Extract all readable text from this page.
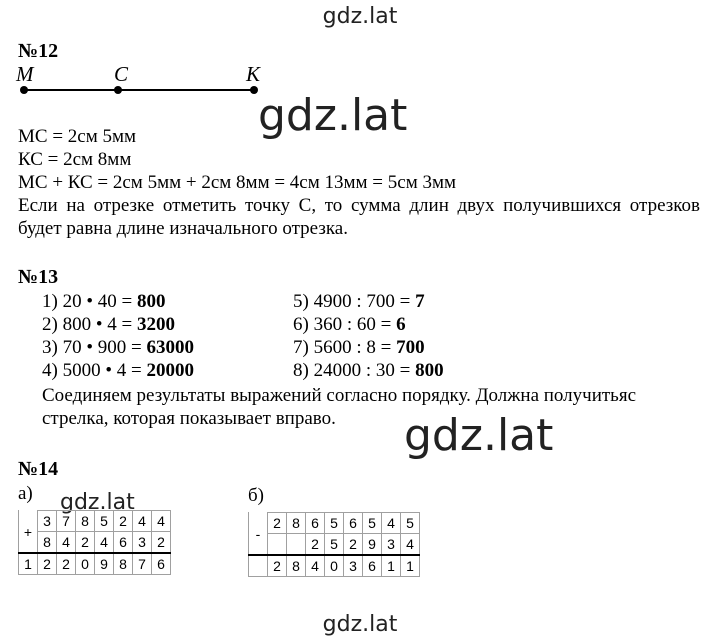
gdz.lat
gdz.lat
gdz.lat
gdz.lat
gdz.lat
№12
M	C	K
МС = 2см 5мм
КС = 2см 8мм
МС + КС = 2см 5мм + 2см 8мм = 4см 13мм = 5см 3мм
Если на отрезке отметить точку С, то сумма длин двух получившихся отрезков будет равна длине изначального отрезка.
№13
1) 20 • 40 = 800
2) 800 • 4 = 3200
3) 70 • 900 = 63000
4) 5000 • 4 = 20000
5) 4900 : 700 = 7
6) 360 : 60 = 6
7) 5600 : 8 = 700
8) 24000 : 30 = 800
Соединяем результаты выражений согласно порядку. Должна получитьяс
стрелка, которая показывает вправо.
№14
а)	б)
+	3	7	8	5	2	4	4
	8	4	2	4	6	3	2
1	2	2	0	9	8	7	6
-	2	8	6	5	6	5	4	5
			2	5	2	9	3	4
	2	8	4	0	3	6	1	1
